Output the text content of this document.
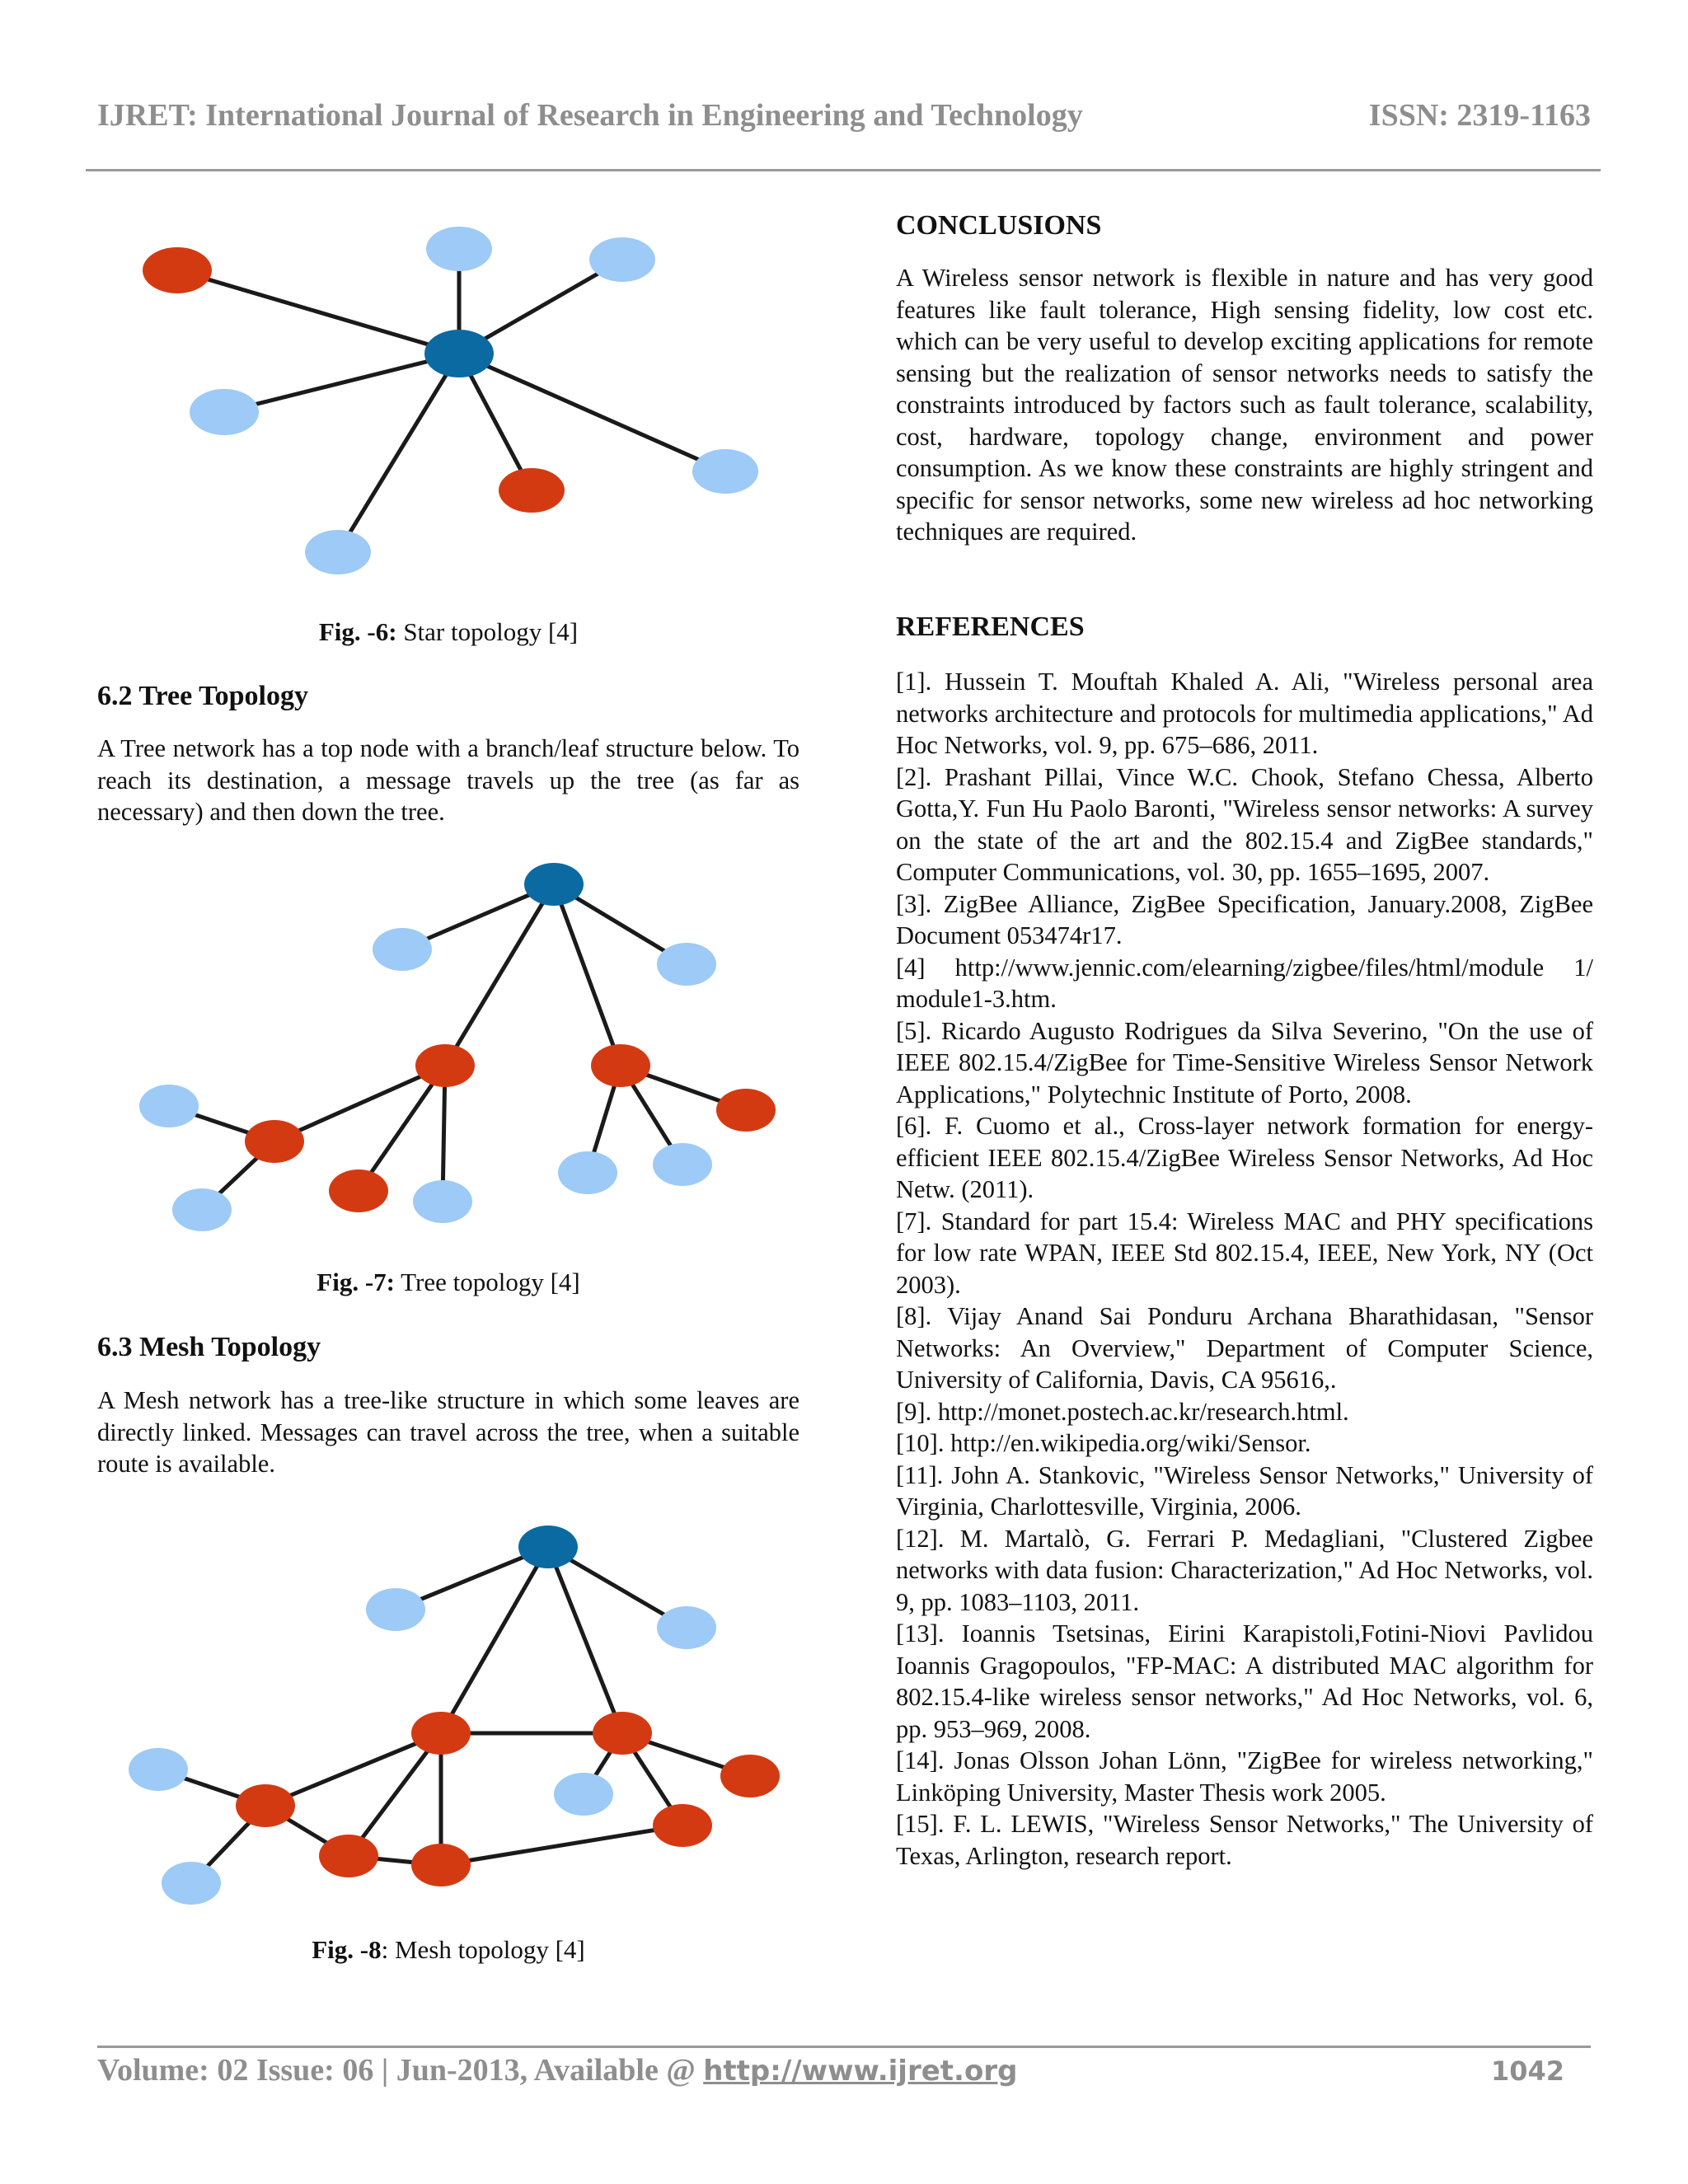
IJRET: International Journal of Research in Engineering and Technology	ISSN: 2319-1163
Fig. -6: Star topology [4]
6.2 Tree Topology

A Tree network has a top node with a branch/leaf structure below. To reach its destination, a message travels up the tree (as far as necessary) and then down the tree.

Fig. -7: Tree topology [4]
6.3 Mesh Topology

A Mesh network has a tree-like structure in which some leaves are directly linked. Messages can travel across the tree, when a suitable route is available.

Fig. -8: Mesh topology [4]
CONCLUSIONS

A Wireless sensor network is flexible in nature and has very good features like fault tolerance, High sensing fidelity, low cost etc. which can be very useful to develop exciting applications for remote sensing but the realization of sensor networks needs to satisfy the constraints introduced by factors such as fault tolerance, scalability, cost, hardware, topology change, environment and power consumption. As we know these constraints are highly stringent and specific for sensor networks, some new wireless ad hoc networking techniques are required.

REFERENCES
[1]. Hussein T. Mouftah Khaled A. Ali, "Wireless personal area networks architecture and protocols for multimedia applications," Ad Hoc Networks, vol. 9, pp. 675–686, 2011.
[2]. Prashant Pillai, Vince W.C. Chook, Stefano Chessa, Alberto Gotta,Y. Fun Hu Paolo Baronti, "Wireless sensor networks: A survey on the state of the art and the 802.15.4 and ZigBee standards," Computer Communications, vol. 30, pp. 1655–1695, 2007.
[3]. ZigBee Alliance, ZigBee Specification, January.2008, ZigBee Document 053474r17.
[4] http://www.jennic.com/elearning/zigbee/files/html/module 1/ module1-3.htm.
[5]. Ricardo Augusto Rodrigues da Silva Severino, "On the use of IEEE 802.15.4/ZigBee for Time-Sensitive Wireless Sensor Network Applications," Polytechnic Institute of Porto, 2008.
[6]. F. Cuomo et al., Cross-layer network formation for energy-efficient IEEE 802.15.4/ZigBee Wireless Sensor Networks, Ad Hoc Netw. (2011).
[7]. Standard for part 15.4: Wireless MAC and PHY specifications for low rate WPAN, IEEE Std 802.15.4, IEEE, New York, NY (Oct 2003).
[8]. Vijay Anand Sai Ponduru Archana Bharathidasan, "Sensor Networks: An Overview," Department of Computer Science, University of California, Davis, CA 95616,.
[9]. http://monet.postech.ac.kr/research.html.
[10]. http://en.wikipedia.org/wiki/Sensor.
[11]. John A. Stankovic, "Wireless Sensor Networks," University of Virginia, Charlottesville, Virginia, 2006.
[12]. M. Martalò, G. Ferrari P. Medagliani, "Clustered Zigbee networks with data fusion: Characterization," Ad Hoc Networks, vol. 9, pp. 1083–1103, 2011.
[13]. Ioannis Tsetsinas, Eirini Karapistoli,Fotini-Niovi Pavlidou Ioannis Gragopoulos, "FP-MAC: A distributed MAC algorithm for 802.15.4-like wireless sensor networks," Ad Hoc Networks, vol. 6, pp. 953–969, 2008.
[14]. Jonas Olsson Johan Lönn, "ZigBee for wireless networking," Linköping University, Master Thesis work 2005.
[15]. F. L. LEWIS, "Wireless Sensor Networks," The University of Texas, Arlington, research report.
Volume: 02 Issue: 06 | Jun-2013, Available @ http://www.ijret.org	1042
